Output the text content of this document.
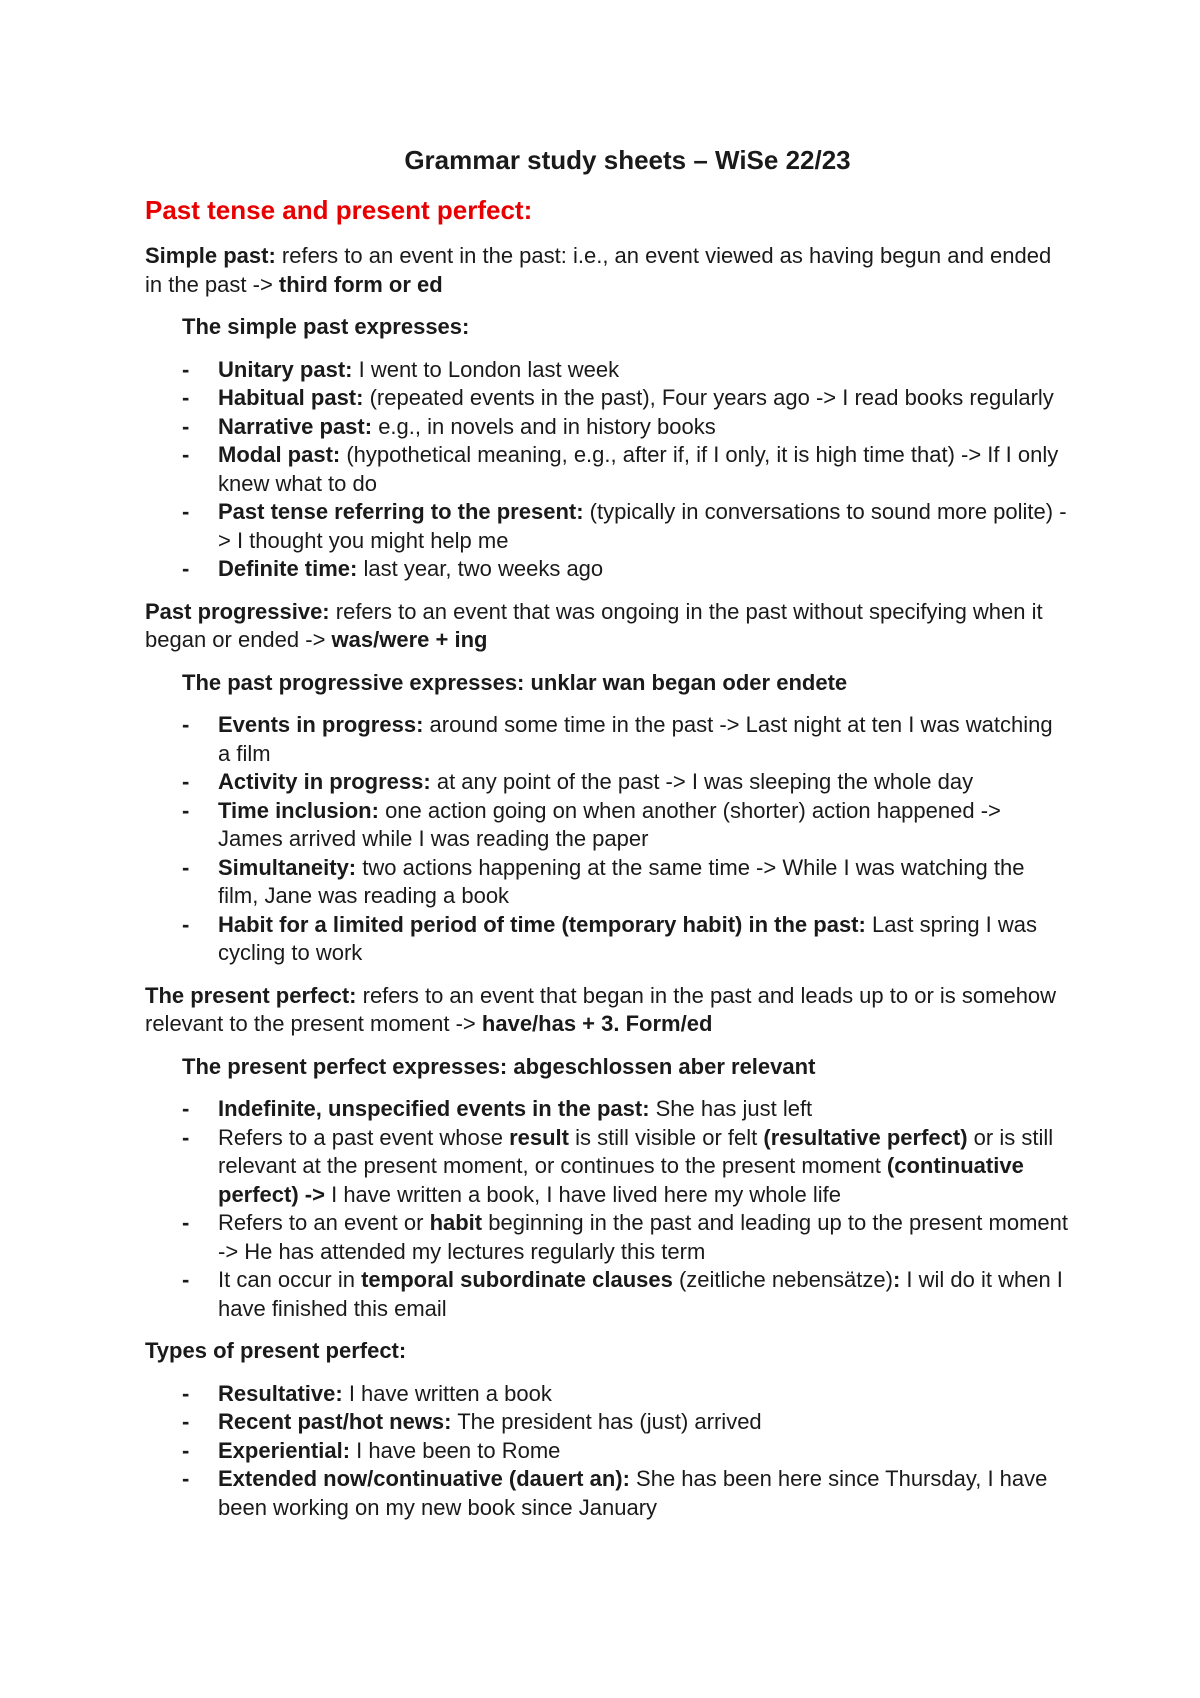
Grammar study sheets – WiSe 22/23
Past tense and present perfect:

Simple past: refers to an event in the past: i.e., an event viewed as having begun and ended in the past -> third form or ed

The simple past expresses:

- Unitary past: I went to London last week
- Habitual past: (repeated events in the past), Four years ago -> I read books regularly
- Narrative past: e.g., in novels and in history books
- Modal past: (hypothetical meaning, e.g., after if, if I only, it is high time that) -> If I only knew what to do
- Past tense referring to the present: (typically in conversations to sound more polite) -> I thought you might help me
- Definite time: last year, two weeks ago

Past progressive: refers to an event that was ongoing in the past without specifying when it began or ended -> was/were + ing

The past progressive expresses: unklar wan began oder endete

- Events in progress: around some time in the past -> Last night at ten I was watching a film
- Activity in progress: at any point of the past -> I was sleeping the whole day
- Time inclusion: one action going on when another (shorter) action happened -> James arrived while I was reading the paper
- Simultaneity: two actions happening at the same time -> While I was watching the film, Jane was reading a book
- Habit for a limited period of time (temporary habit) in the past: Last spring I was cycling to work

The present perfect: refers to an event that began in the past and leads up to or is somehow relevant to the present moment -> have/has + 3. Form/ed

The present perfect expresses: abgeschlossen aber relevant

- Indefinite, unspecified events in the past: She has just left
- Refers to a past event whose result is still visible or felt (resultative perfect) or is still relevant at the present moment, or continues to the present moment (continuative perfect) -> I have written a book, I have lived here my whole life
- Refers to an event or habit beginning in the past and leading up to the present moment -> He has attended my lectures regularly this term
- It can occur in temporal subordinate clauses (zeitliche nebensätze): I wil do it when I have finished this email

Types of present perfect:

- Resultative: I have written a book
- Recent past/hot news: The president has (just) arrived
- Experiential: I have been to Rome
- Extended now/continuative (dauert an): She has been here since Thursday, I have been working on my new book since January
